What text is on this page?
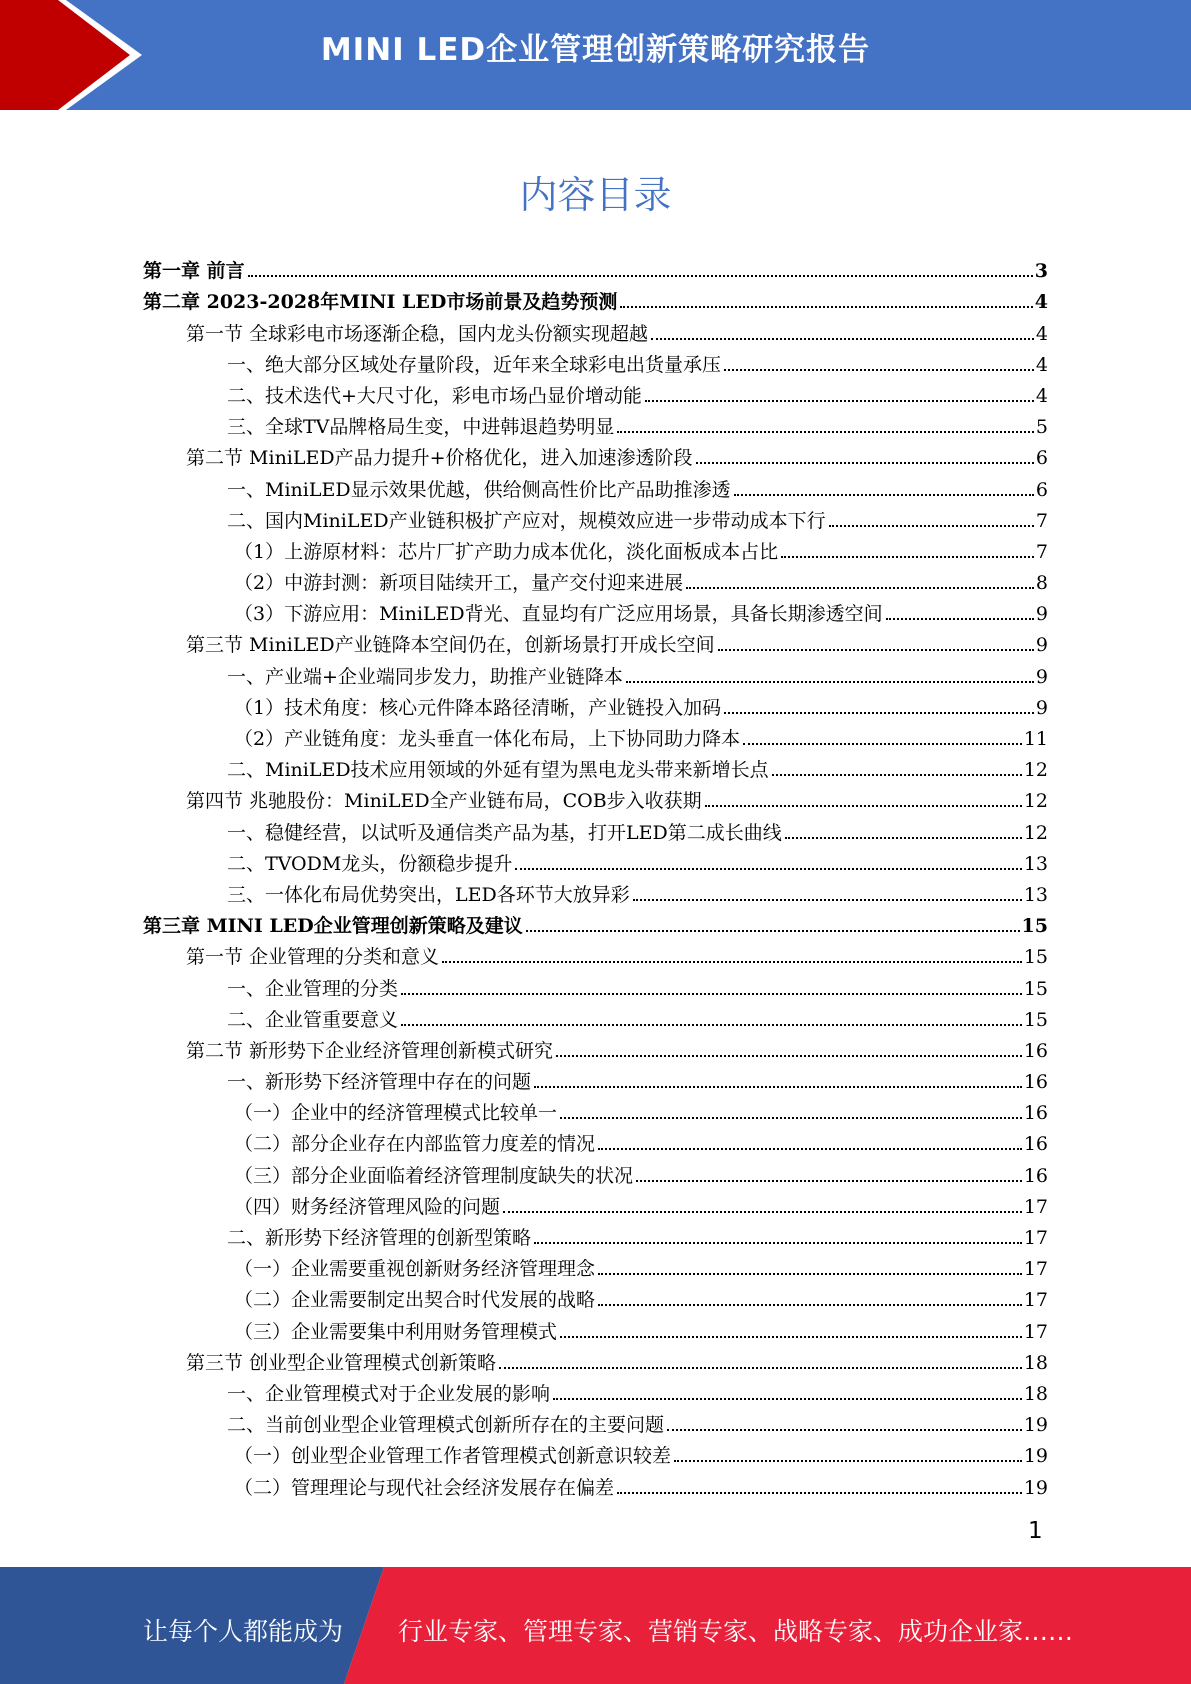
MINI LED企业管理创新策略研究报告
内容目录
第一章 前言	3
第二章 2023-2028年MINI LED市场前景及趋势预测	4
第一节 全球彩电市场逐渐企稳，国内龙头份额实现超越	4
一、绝大部分区域处存量阶段，近年来全球彩电出货量承压	4
二、技术迭代+大尺寸化，彩电市场凸显价增动能	4
三、全球TV品牌格局生变，中进韩退趋势明显	5
第二节 MiniLED产品力提升+价格优化，进入加速渗透阶段	6
一、MiniLED显示效果优越，供给侧高性价比产品助推渗透	6
二、国内MiniLED产业链积极扩产应对，规模效应进一步带动成本下行	7
（1）上游原材料：芯片厂扩产助力成本优化，淡化面板成本占比	7
（2）中游封测：新项目陆续开工，量产交付迎来进展	8
（3）下游应用：MiniLED背光、直显均有广泛应用场景，具备长期渗透空间	9
第三节 MiniLED产业链降本空间仍在，创新场景打开成长空间	9
一、产业端+企业端同步发力，助推产业链降本	9
（1）技术角度：核心元件降本路径清晰，产业链投入加码	9
（2）产业链角度：龙头垂直一体化布局，上下协同助力降本	11
二、MiniLED技术应用领域的外延有望为黑电龙头带来新增长点	12
第四节 兆驰股份：MiniLED全产业链布局，COB步入收获期	12
一、稳健经营，以试听及通信类产品为基，打开LED第二成长曲线	12
二、TVODM龙头，份额稳步提升	13
三、一体化布局优势突出，LED各环节大放异彩	13
第三章 MINI LED企业管理创新策略及建议	15
第一节 企业管理的分类和意义	15
一、企业管理的分类	15
二、企业管重要意义	15
第二节 新形势下企业经济管理创新模式研究	16
一、新形势下经济管理中存在的问题	16
（一）企业中的经济管理模式比较单一	16
（二）部分企业存在内部监管力度差的情况	16
（三）部分企业面临着经济管理制度缺失的状况	16
（四）财务经济管理风险的问题	17
二、新形势下经济管理的创新型策略	17
（一）企业需要重视创新财务经济管理理念	17
（二）企业需要制定出契合时代发展的战略	17
（三）企业需要集中利用财务管理模式	17
第三节 创业型企业管理模式创新策略	18
一、企业管理模式对于企业发展的影响	18
二、当前创业型企业管理模式创新所存在的主要问题	19
（一）创业型企业管理工作者管理模式创新意识较差	19
（二）管理理论与现代社会经济发展存在偏差	19
1
让每个人都能成为 行业专家、管理专家、营销专家、战略专家、成功企业家……
